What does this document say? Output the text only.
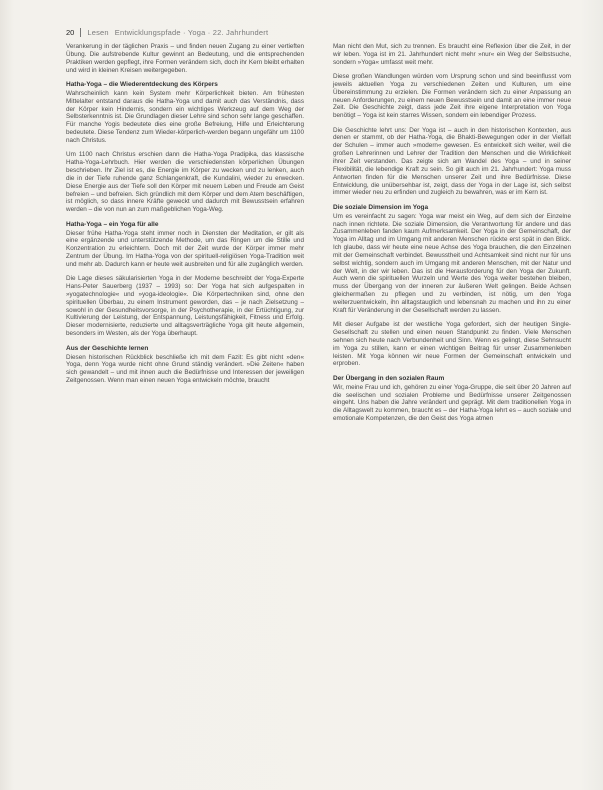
20 Lesen Entwicklungspfade · Yoga · 22. Jahrhundert

Verankerung in der täglichen Praxis – und finden neuen Zugang zu einer vertieften Übung. Die aufstrebende Kultur gewinnt an Bedeutung, und die entsprechenden Praktiken werden gepflegt, ihre Formen verändern sich, doch ihr Kern bleibt erhalten und wird in kleinen Kreisen weitergegeben.

Hatha-Yoga – die Wiederentdeckung des Körpers

Wahrscheinlich kann kein System mehr Körperlichkeit bieten. Am frühesten Mittelalter entstand daraus die Hatha-Yoga und damit auch das Verständnis, dass der Körper kein Hindernis, sondern ein wichtiges Werkzeug auf dem Weg der Selbsterkenntnis ist. Die Grundlagen dieser Lehre sind schon sehr lange geschaffen. Für manche Yogis bedeutete dies eine große Befreiung, Hilfe und Erleichterung bedeutete. Diese Tendenz zum Wieder-körperlich-werden begann ungefähr um 1100 nach Christus.

Um 1100 nach Christus erschien dann die Hatha-Yoga Pradipika, das klassische Hatha-Yoga-Lehrbuch. Hier werden die verschiedensten körperlichen Übungen beschrieben. Ihr Ziel ist es, die Energie im Körper zu wecken und zu lenken, auch die in der Tiefe ruhende ganz Schlangenkraft, die Kundalini, wieder zu erwecken. Diese Energie aus der Tiefe soll den Körper mit neuem Leben und Freude am Geist befreien – und befreien. Sich gründlich mit dem Körper und dem Atem beschäftigen, ist möglich, so dass innere Kräfte geweckt und dadurch mit Bewusstsein erfahren werden – die von nun an zum maßgeblichen Yoga-Weg.

Hatha-Yoga – ein Yoga für alle

Dieser frühe Hatha-Yoga steht immer noch in Diensten der Meditation, er gilt als eine ergänzende und unterstützende Methode, um das Ringen um die Stille und Konzentration zu erleichtern. Doch mit der Zeit wurde der Körper immer mehr Zentrum der Übung. Im Hatha-Yoga von der spirituell-religiösen Yoga-Tradition weit und mehr ab. Dadurch kann er heute weit ausbreiten und für alle zugänglich werden.

Die Lage dieses säkularisierten Yoga in der Moderne beschreibt der Yoga-Experte Hans-Peter Sauerberg (1937 – 1993) so: Der Yoga hat sich aufgespalten in »yogatechnologie« und »yoga-ideologie«. Die Körpertechniken sind, ohne den spirituellen Überbau, zu einem Instrument geworden, das – je nach Zielsetzung – sowohl in der Gesundheitsvorsorge, in der Psychotherapie, in der Ertüchtigung, zur Kultivierung der Leistung, der Entspannung, Leistungsfähigkeit, Fitness und Erfolg. Dieser modernisierte, reduzierte und alltagsverträgliche Yoga gilt heute allgemein, besonders im Westen, als der Yoga überhaupt.

Aus der Geschichte lernen

Diesen historischen Rückblick beschließe ich mit dem Fazit: Es gibt nicht »den« Yoga, denn Yoga wurde nicht ohne Grund ständig verändert. »Die Zeiten« haben sich gewandelt – und mit ihnen auch die Bedürfnisse und Interessen der jeweiligen Zeitgenossen. Wenn man einen neuen Yoga entwickeln möchte, braucht

Man nicht den Mut, sich zu trennen. Es braucht eine Reflexion über die Zeit, in der wir leben. Yoga ist im 21. Jahrhundert nicht mehr »nur« ein Weg der Selbstsuche, sondern »Yoga« umfasst weit mehr.

Diese großen Wandlungen würden vom Ursprung schon und sind beeinflusst vom jeweils aktuellen Yoga zu verschiedenen Zeiten und Kulturen, um eine Übereinstimmung zu erzielen. Die Formen verändern sich zu einer Anpassung an neuen Anforderungen, zu einem neuen Bewusstsein und damit an eine immer neue Zeit. Die Geschichte zeigt, dass jede Zeit ihre eigene Interpretation von Yoga benötigt – Yoga ist kein starres Wissen, sondern ein lebendiger Prozess.

Die Geschichte lehrt uns: Der Yoga ist – auch in den historischen Kontexten, aus denen er stammt, ob der Hatha-Yoga, die Bhakti-Bewegungen oder in der Vielfalt der Schulen – immer auch »modern« gewesen. Es entwickelt sich weiter, weil die großen Lehrerinnen und Lehrer der Tradition den Menschen und die Wirklichkeit ihrer Zeit verstanden. Das zeigte sich am Wandel des Yoga – und in seiner Flexibilität, die lebendige Kraft zu sein. So gilt auch im 21. Jahrhundert: Yoga muss Antworten finden für die Menschen unserer Zeit und ihre Bedürfnisse. Diese Entwicklung, die unübersehbar ist, zeigt, dass der Yoga in der Lage ist, sich selbst immer wieder neu zu erfinden und zugleich zu bewahren, was er im Kern ist.

Die soziale Dimension im Yoga

Um es vereinfacht zu sagen: Yoga war meist ein Weg, auf dem sich der Einzelne nach innen richtete. Die soziale Dimension, die Verantwortung für andere und das Zusammenleben fanden kaum Aufmerksamkeit. Der Yoga in der Gemeinschaft, der Yoga im Alltag und im Umgang mit anderen Menschen rückte erst spät in den Blick. Ich glaube, dass wir heute eine neue Achse des Yoga brauchen, die den Einzelnen mit der Gemeinschaft verbindet. Bewusstheit und Achtsamkeit sind nicht nur für uns selbst wichtig, sondern auch im Umgang mit anderen Menschen, mit der Natur und der Welt, in der wir leben. Das ist die Herausforderung für den Yoga der Zukunft. Auch wenn die spirituellen Wurzeln und Werte des Yoga weiter bestehen bleiben, muss der Übergang von der inneren zur äußeren Welt gelingen. Beide Achsen gleichermaßen zu pflegen und zu verbinden, ist nötig, um den Yoga weiterzuentwickeln, ihn alltagstauglich und lebensnah zu machen und ihn zu einer Kraft für Veränderung in der Gesellschaft werden zu lassen.

Mit dieser Aufgabe ist der westliche Yoga gefordert, sich der heutigen Single-Gesellschaft zu stellen und einen neuen Standpunkt zu finden. Viele Menschen sehnen sich heute nach Verbundenheit und Sinn. Wenn es gelingt, diese Sehnsucht im Yoga zu stillen, kann er einen wichtigen Beitrag für unser Zusammenleben leisten. Mit Yoga können wir neue Formen der Gemeinschaft entwickeln und erproben.

Der Übergang in den sozialen Raum

Wir, meine Frau und ich, gehören zu einer Yoga-Gruppe, die seit über 20 Jahren auf die seelischen und sozialen Probleme und Bedürfnisse unserer Zeitgenossen eingeht. Uns haben die Jahre verändert und geprägt. Mit dem traditionellen Yoga in die Alltagswelt zu kommen, braucht es – der Hatha-Yoga lehrt es – auch soziale und emotionale Kompetenzen, die den Geist des Yoga atmen
